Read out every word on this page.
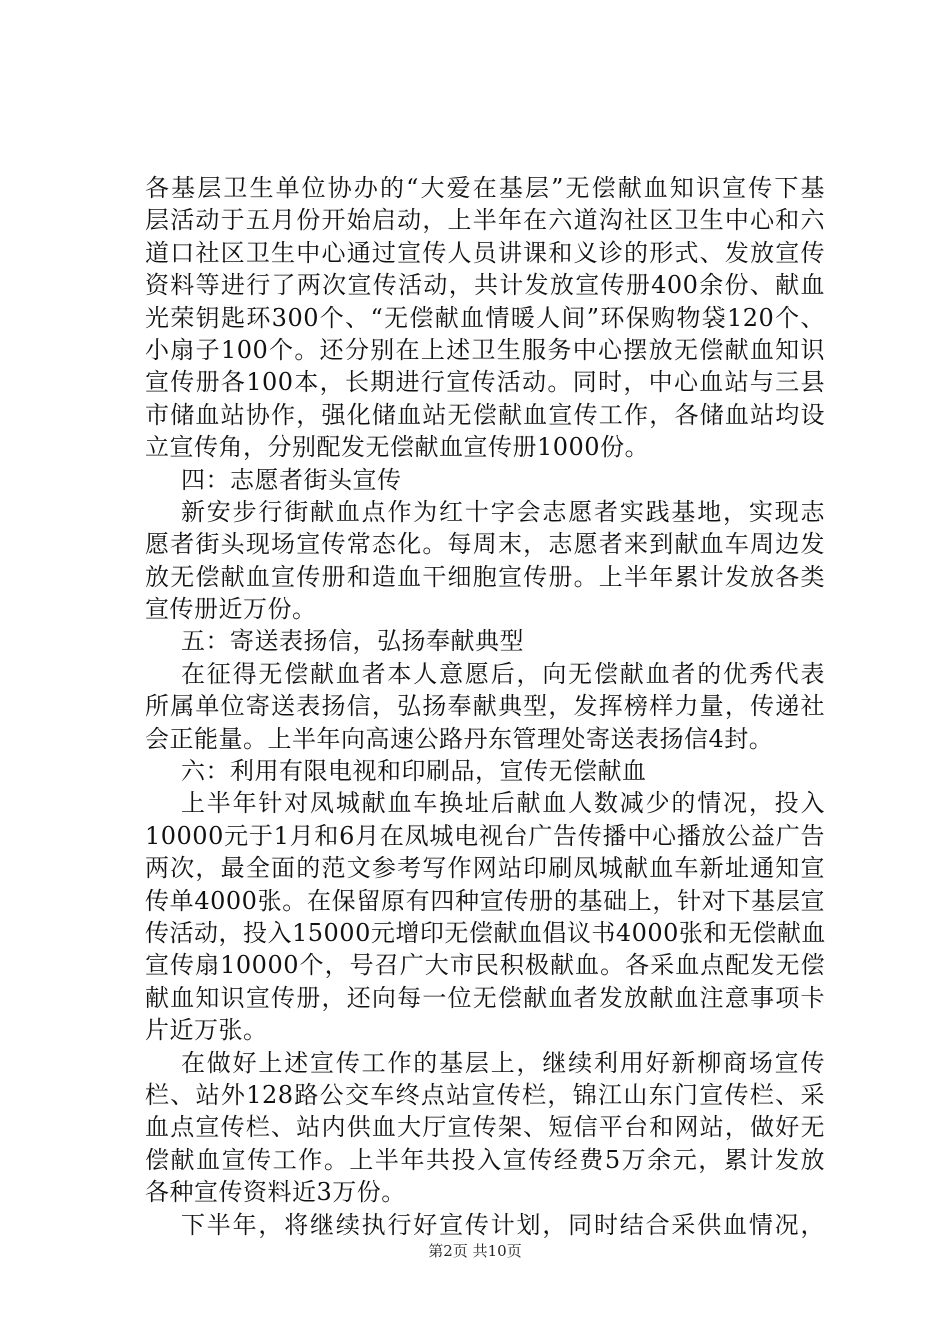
各基层卫生单位协办的“大爱在基层”无偿献血知识宣传下基
层活动于五月份开始启动，上半年在六道沟社区卫生中心和六
道口社区卫生中心通过宣传人员讲课和义诊的形式、发放宣传
资料等进行了两次宣传活动，共计发放宣传册400余份、献血
光荣钥匙环300个、“无偿献血情暖人间”环保购物袋120个、
小扇子100个。还分别在上述卫生服务中心摆放无偿献血知识
宣传册各100本，长期进行宣传活动。同时，中心血站与三县
市储血站协作，强化储血站无偿献血宣传工作，各储血站均设
立宣传角，分别配发无偿献血宣传册1000份。
四：志愿者街头宣传
新安步行街献血点作为红十字会志愿者实践基地，实现志
愿者街头现场宣传常态化。每周末，志愿者来到献血车周边发
放无偿献血宣传册和造血干细胞宣传册。上半年累计发放各类
宣传册近万份。
五：寄送表扬信，弘扬奉献典型
在征得无偿献血者本人意愿后，向无偿献血者的优秀代表
所属单位寄送表扬信，弘扬奉献典型，发挥榜样力量，传递社
会正能量。上半年向高速公路丹东管理处寄送表扬信4封。
六：利用有限电视和印刷品，宣传无偿献血
上半年针对凤城献血车换址后献血人数减少的情况，投入
10000元于1月和6月在凤城电视台广告传播中心播放公益广告
两次，最全面的范文参考写作网站印刷凤城献血车新址通知宣
传单4000张。在保留原有四种宣传册的基础上，针对下基层宣
传活动，投入15000元增印无偿献血倡议书4000张和无偿献血
宣传扇10000个，号召广大市民积极献血。各采血点配发无偿
献血知识宣传册，还向每一位无偿献血者发放献血注意事项卡
片近万张。
在做好上述宣传工作的基层上，继续利用好新柳商场宣传
栏、站外128路公交车终点站宣传栏，锦江山东门宣传栏、采
血点宣传栏、站内供血大厅宣传架、短信平台和网站，做好无
偿献血宣传工作。上半年共投入宣传经费5万余元，累计发放
各种宣传资料近3万份。
下半年，将继续执行好宣传计划，同时结合采供血情况，
第2页 共10页
